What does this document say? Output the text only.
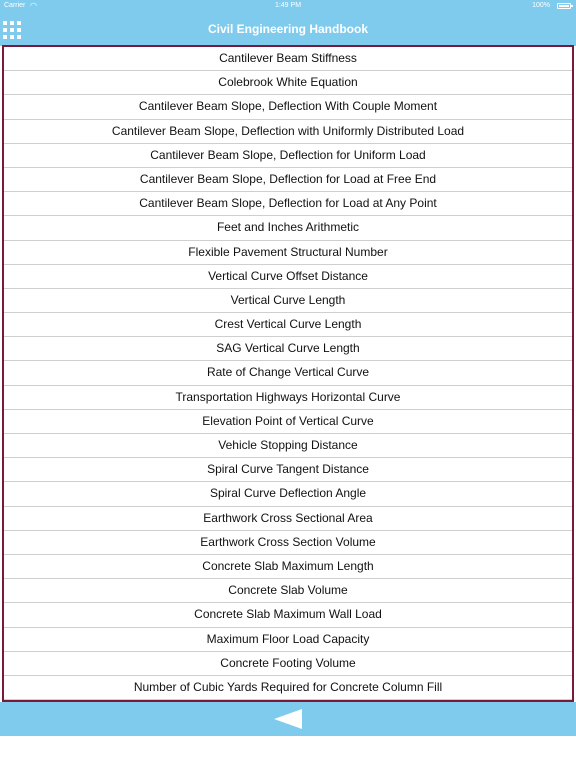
Carrier ◠	1:49 PM	100%
Civil Engineering Handbook
Cantilever Beam Stiffness
Colebrook White Equation
Cantilever Beam Slope, Deflection With Couple Moment
Cantilever Beam Slope, Deflection with Uniformly Distributed Load
Cantilever Beam Slope, Deflection for Uniform Load
Cantilever Beam Slope, Deflection for Load at Free End
Cantilever Beam Slope, Deflection for Load at Any Point
Feet and Inches Arithmetic
Flexible Pavement Structural Number
Vertical Curve Offset Distance
Vertical Curve Length
Crest Vertical Curve Length
SAG Vertical Curve Length
Rate of Change Vertical Curve
Transportation Highways Horizontal Curve
Elevation Point of Vertical Curve
Vehicle Stopping Distance
Spiral Curve Tangent Distance
Spiral Curve Deflection Angle
Earthwork Cross Sectional Area
Earthwork Cross Section Volume
Concrete Slab Maximum Length
Concrete Slab Volume
Concrete Slab Maximum Wall Load
Maximum Floor Load Capacity
Concrete Footing Volume
Number of Cubic Yards Required for Concrete Column Fill
